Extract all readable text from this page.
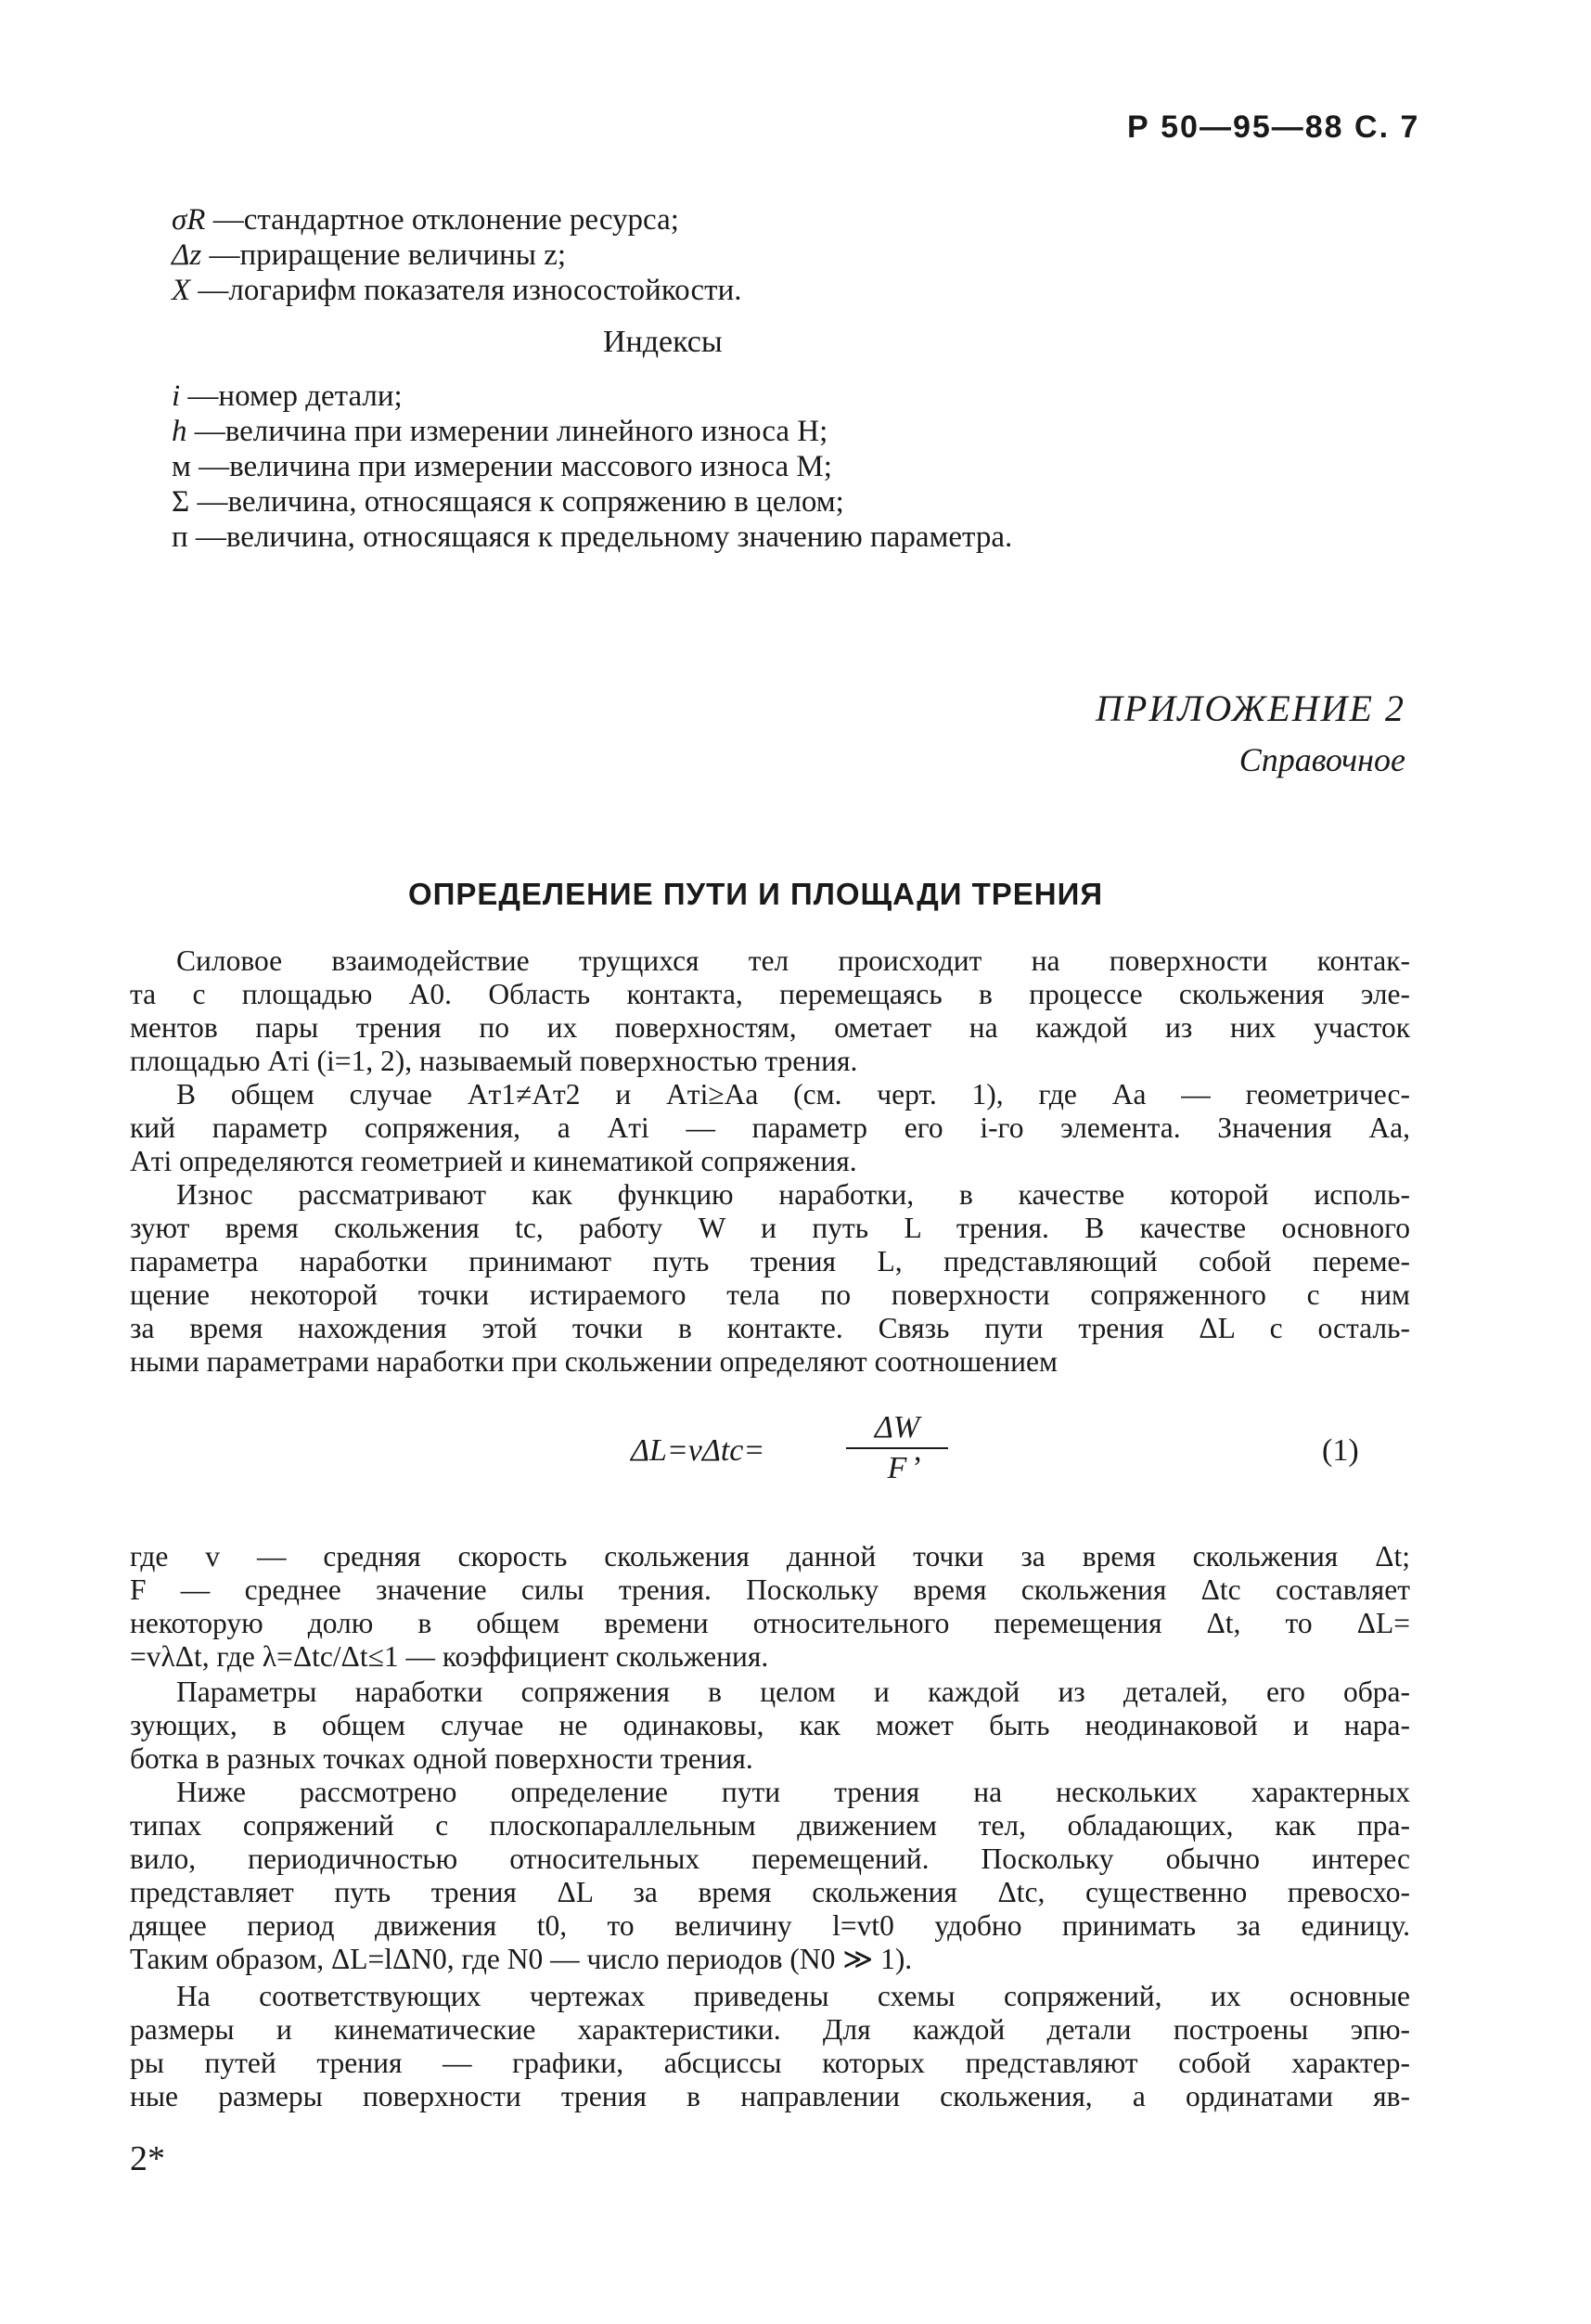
Р 50—95—88 С. 7
σR —стандартное отклонение ресурса;
Δz —приращение величины z;
X —логарифм показателя износостойкости.
Индексы
i —номер детали;
h —величина при измерении линейного износа H;
м —величина при измерении массового износа M;
Σ —величина, относящаяся к сопряжению в целом;
п —величина, относящаяся к предельному значению параметра.
ПРИЛОЖЕНИЕ 2
Справочное
ОПРЕДЕЛЕНИЕ ПУТИ И ПЛОЩАДИ ТРЕНИЯ
Силовое взаимодействие трущихся тел происходит на поверхности контак-
та с площадью A0. Область контакта, перемещаясь в процессе скольжения эле-
ментов пары трения по их поверхностям, ометает на каждой из них участок
площадью Aтi (i=1, 2), называемый поверхностью трения.
В общем случае Aт1≠Aт2 и Aтi≥Aa (см. черт. 1), где Aa — геометричес-
кий параметр сопряжения, а Aтi — параметр его i-го элемента. Значения Aa,
Aтi определяются геометрией и кинематикой сопряжения.
Износ рассматривают как функцию наработки, в качестве которой исполь-
зуют время скольжения tc, работу W и путь L трения. В качестве основного
параметра наработки принимают путь трения L, представляющий собой переме-
щение некоторой точки истираемого тела по поверхности сопряженного с ним
за время нахождения этой точки в контакте. Связь пути трения ΔL с осталь-
ными параметрами наработки при скольжении определяют соотношением
ΔL=vΔtc=	$\frac{\Delta W}{F}$
,	(1)
где v — средняя скорость скольжения данной точки за время скольжения Δt;
F — среднее значение силы трения. Поскольку время скольжения Δtc составляет
некоторую долю в общем времени относительного перемещения Δt, то ΔL=
=vλΔt, где λ=Δtc/Δt≤1 — коэффициент скольжения.
Параметры наработки сопряжения в целом и каждой из деталей, его обра-
зующих, в общем случае не одинаковы, как может быть неодинаковой и нара-
ботка в разных точках одной поверхности трения.
Ниже рассмотрено определение пути трения на нескольких характерных
типах сопряжений с плоскопараллельным движением тел, обладающих, как пра-
вило, периодичностью относительных перемещений. Поскольку обычно интерес
представляет путь трения ΔL за время скольжения Δtc, существенно превосхо-
дящее период движения t0, то величину l=vt0 удобно принимать за единицу.
Таким образом, ΔL=lΔN0, где N0 — число периодов (N0 ≫ 1).
На соответствующих чертежах приведены схемы сопряжений, их основные
размеры и кинематические характеристики. Для каждой детали построены эпю-
ры путей трения — графики, абсциссы которых представляют собой характер-
ные размеры поверхности трения в направлении скольжения, а ординатами яв-
2*
